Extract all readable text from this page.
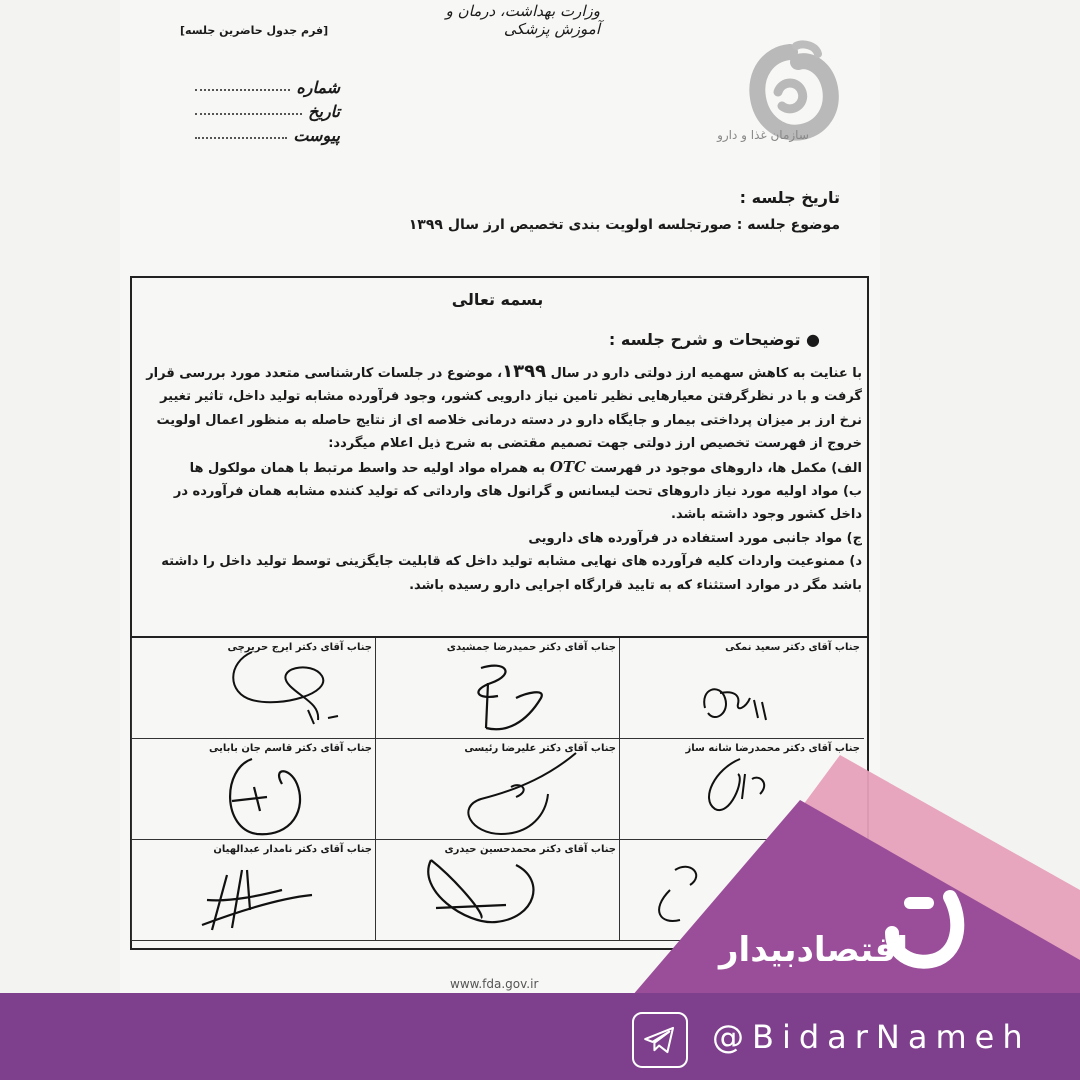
وزارت بهداشت، درمان و آموزش پزشکی
[فرم جدول حاضرین جلسه]
شماره
تاریخ
پیوست	سازمان غذا و دارو
تاریخ جلسه :
موضوع جلسه : صورتجلسه اولویت بندی تخصیص ارز سال ۱۳۹۹
بسمه تعالی
● توضیحات و شرح جلسه :

با عنایت به کاهش سهمیه ارز دولتی دارو در سال ۱۳۹۹، موضوع در جلسات کارشناسی متعدد مورد بررسی قرار گرفت و با در نظرگرفتن معیارهایی نظیر تامین نیاز دارویی کشور، وجود فرآورده مشابه تولید داخل، تاثیر تغییر نرخ ارز بر میزان پرداختی بیمار و جایگاه دارو در دسته درمانی خلاصه ای از نتایج حاصله به منظور اعمال اولویت خروج از فهرست تخصیص ارز دولتی جهت تصمیم مقتضی به شرح ذیل اعلام میگردد:

الف) مکمل ها، داروهای موجود در فهرست OTC به همراه مواد اولیه حد واسط مرتبط با همان مولکول ها

ب) مواد اولیه مورد نیاز داروهای تحت لیسانس و گرانول های وارداتی که تولید کننده مشابه همان فرآورده در داخل کشور وجود داشته باشد.

ج) مواد جانبی مورد استفاده در فرآورده های دارویی

د) ممنوعیت واردات کلیه فرآورده های نهایی مشابه تولید داخل که قابلیت جایگزینی توسط تولید داخل را داشته باشد مگر در موارد استثناء که به تایید قرارگاه اجرایی دارو رسیده باشد.

جناب آقای دکتر سعید نمکی
جناب آقای دکتر حمیدرضا جمشیدی
جناب آقای دکتر ایرج حریرچی
جناب آقای دکتر محمدرضا شانه ساز
جناب آقای دکتر علیرضا رئیسی
جناب آقای دکتر قاسم جان بابایی
جناب آقای دکتر محمدحسین حیدری
جناب آقای دکتر نامدار عبدالهیان
www.fda.gov.ir
اقتصادبیدار
@BidarNameh
